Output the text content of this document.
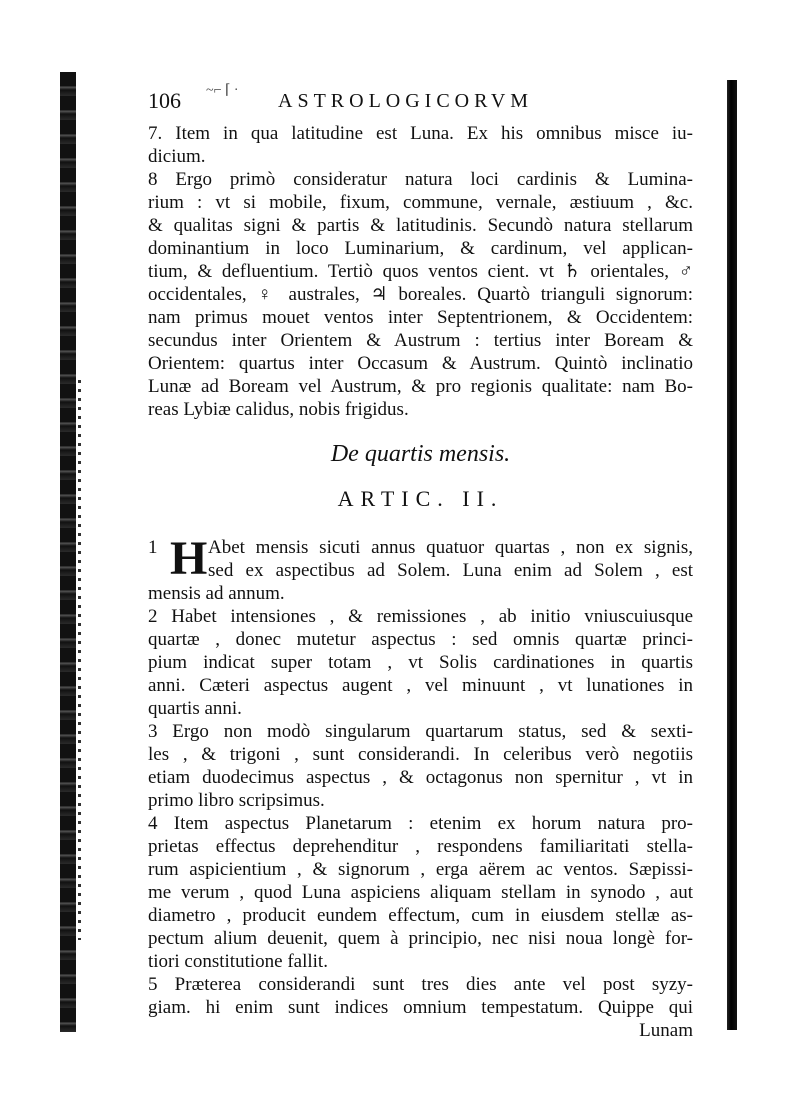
106 ~⌐ ⌈ · ASTROLOGICORVM
7. Item in qua latitudine est Luna. Ex his omnibus misce iu-
dicium.
8 Ergo primò consideratur natura loci cardinis & Lumina-
rium : vt si mobile, fixum, commune, vernale, æstiuum , &c.
& qualitas signi & partis & latitudinis. Secundò natura stellarum
dominantium in loco Luminarium, & cardinum, vel applican-
tium, & defluentium. Tertiò quos ventos cient. vt ♄ orientales, ♂
occidentales, ♀ australes, ♃ boreales. Quartò trianguli signorum:
nam primus mouet ventos inter Septentrionem, & Occidentem:
secundus inter Orientem & Austrum : tertius inter Boream &
Orientem: quartus inter Occasum & Austrum. Quintò inclinatio
Lunæ ad Boream vel Austrum, & pro regionis qualitate: nam Bo-
reas Lybiæ calidus, nobis frigidus.
De quartis mensis.
ARTIC. II.
1 H Abet mensis sicuti annus quatuor quartas , non ex signis,
sed ex aspectibus ad Solem. Luna enim ad Solem , est
mensis ad annum.
2 Habet intensiones , & remissiones , ab initio vniuscuiusque
quartæ , donec mutetur aspectus : sed omnis quartæ princi-
pium indicat super totam , vt Solis cardinationes in quartis
anni. Cæteri aspectus augent , vel minuunt , vt lunationes in
quartis anni.
3 Ergo non modò singularum quartarum status, sed & sexti-
les , & trigoni , sunt considerandi. In celeribus verò negotiis
etiam duodecimus aspectus , & octagonus non spernitur , vt in
primo libro scripsimus.
4 Item aspectus Planetarum : etenim ex horum natura pro-
prietas effectus deprehenditur , respondens familiaritati stella-
rum aspicientium , & signorum , erga aërem ac ventos. Sæpissi-
me verum , quod Luna aspiciens aliquam stellam in synodo , aut
diametro , producit eundem effectum, cum in eiusdem stellæ as-
pectum alium deuenit, quem à principio, nec nisi noua longè for-
tiori constitutione fallit.
5 Præterea considerandi sunt tres dies ante vel post syzy-
giam. hi enim sunt indices omnium tempestatum. Quippe qui
Lunam
